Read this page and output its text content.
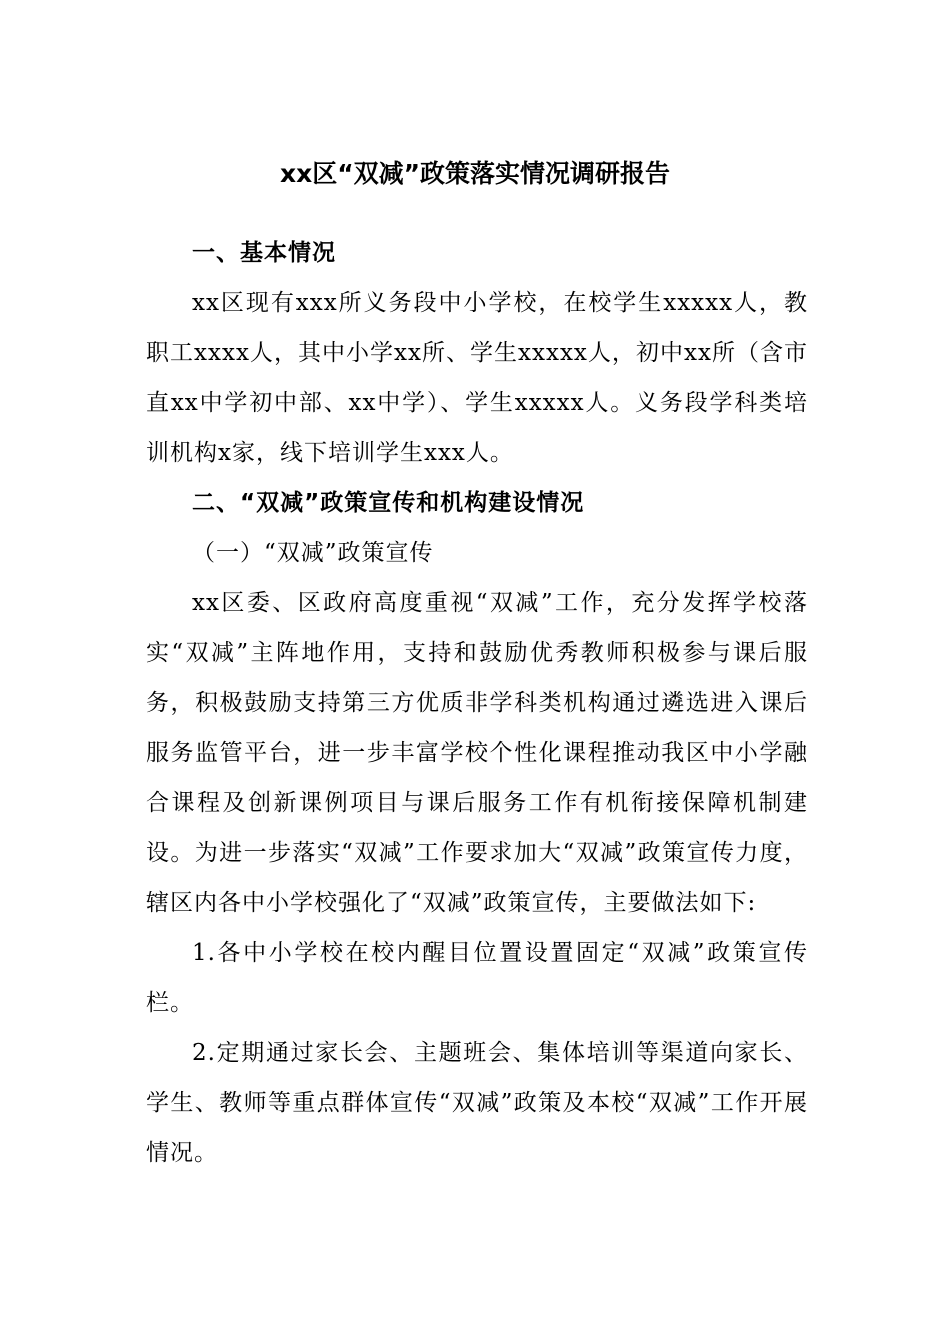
xx区“双减”政策落实情况调研报告

一、基本情况

xx区现有xxx所义务段中小学校，在校学生xxxxx人，教职工xxxx人，其中小学xx所、学生xxxxx人，初中xx所（含市直xx中学初中部、xx中学）、学生xxxxx人。义务段学科类培训机构x家，线下培训学生xxx人。

二、“双减”政策宣传和机构建设情况

（一）“双减”政策宣传

xx区委、区政府高度重视“双减”工作，充分发挥学校落实“双减”主阵地作用，支持和鼓励优秀教师积极参与课后服务，积极鼓励支持第三方优质非学科类机构通过遴选进入课后服务监管平台，进一步丰富学校个性化课程推动我区中小学融合课程及创新课例项目与课后服务工作有机衔接保障机制建设。为进一步落实“双减”工作要求加大“双减”政策宣传力度，辖区内各中小学校强化了“双减”政策宣传，主要做法如下:

1.各中小学校在校内醒目位置设置固定“双减”政策宣传栏。

2.定期通过家长会、主题班会、集体培训等渠道向家长、学生、教师等重点群体宣传“双减”政策及本校“双减”工作开展情况。
